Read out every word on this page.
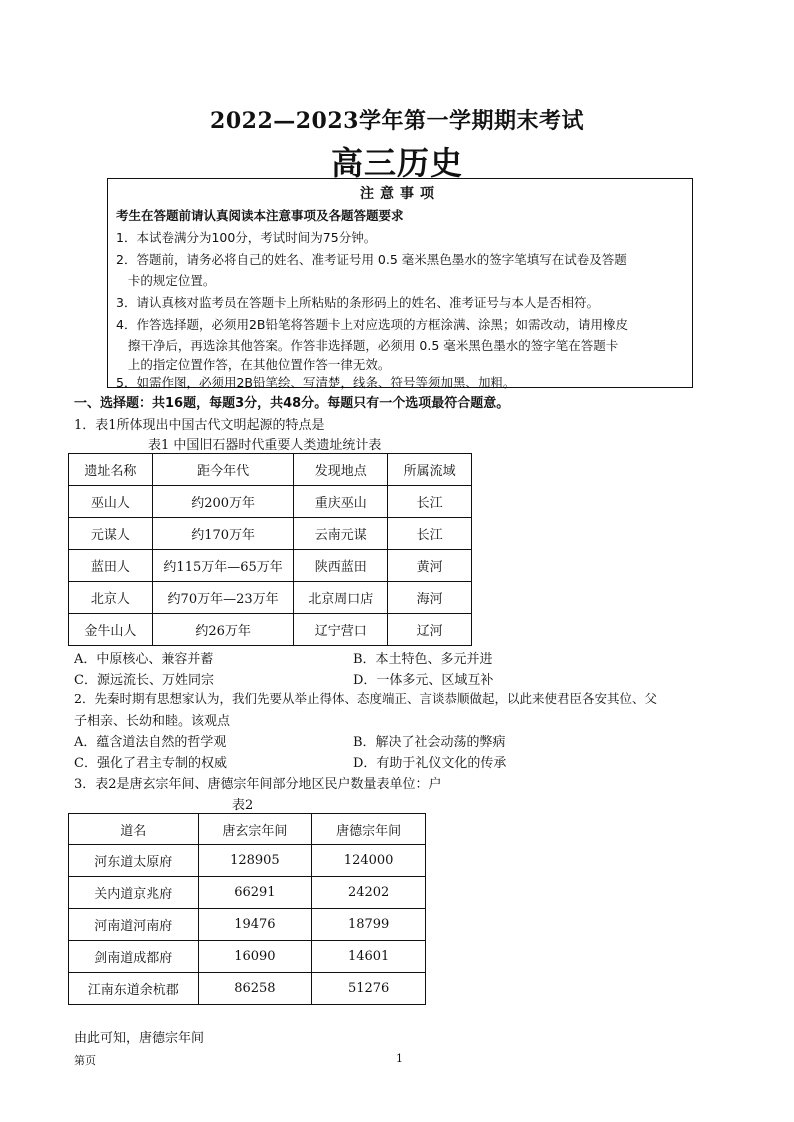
2022—2023学年第一学期期末考试
高三历史
注意事项
考生在答题前请认真阅读本注意事项及各题答题要求
1．本试卷满分为100分，考试时间为75分钟。
2．答题前，请务必将自己的姓名、准考证号用 0.5 毫米黑色墨水的签字笔填写在试卷及答题
卡的规定位置。
3．请认真核对监考员在答题卡上所粘贴的条形码上的姓名、准考证号与本人是否相符。
4．作答选择题，必须用2B铅笔将答题卡上对应选项的方框涂满、涂黑；如需改动，请用橡皮
擦干净后，再选涂其他答案。作答非选择题，必须用 0.5 毫米黑色墨水的签字笔在答题卡
上的指定位置作答，在其他位置作答一律无效。
5．如需作图，必须用2B铅笔绘、写清楚，线条、符号等须加黑、加粗。
一、选择题：共16题，每题3分，共48分。每题只有一个选项最符合题意。
1．表1所体现出中国古代文明起源的特点是
表1 中国旧石器时代重要人类遗址统计表
遗址名称	距今年代	发现地点	所属流域
巫山人	约200万年	重庆巫山	长江
元谋人	约170万年	云南元谋	长江
蓝田人	约115万年—65万年	陕西蓝田	黄河
北京人	约70万年—23万年	北京周口店	海河
金牛山人	约26万年	辽宁营口	辽河
A．中原核心、兼容并蓄	B．本土特色、多元并进
C．源远流长、万姓同宗	D．一体多元、区域互补
2．先秦时期有思想家认为，我们先要从举止得体、态度端正、言谈恭顺做起，以此来使君臣各安其位、父
子相亲、长幼和睦。该观点
A．蕴含道法自然的哲学观	B．解决了社会动荡的弊病
C．强化了君主专制的权威	D．有助于礼仪文化的传承
3．表2是唐玄宗年间、唐德宗年间部分地区民户数量表单位：户
表2
道名	唐玄宗年间	唐德宗年间
河东道太原府	128905	124000
关内道京兆府	66291	24202
河南道河南府	19476	18799
剑南道成都府	16090	14601
江南东道余杭郡	86258	51276
由此可知，唐德宗年间
第页	1
